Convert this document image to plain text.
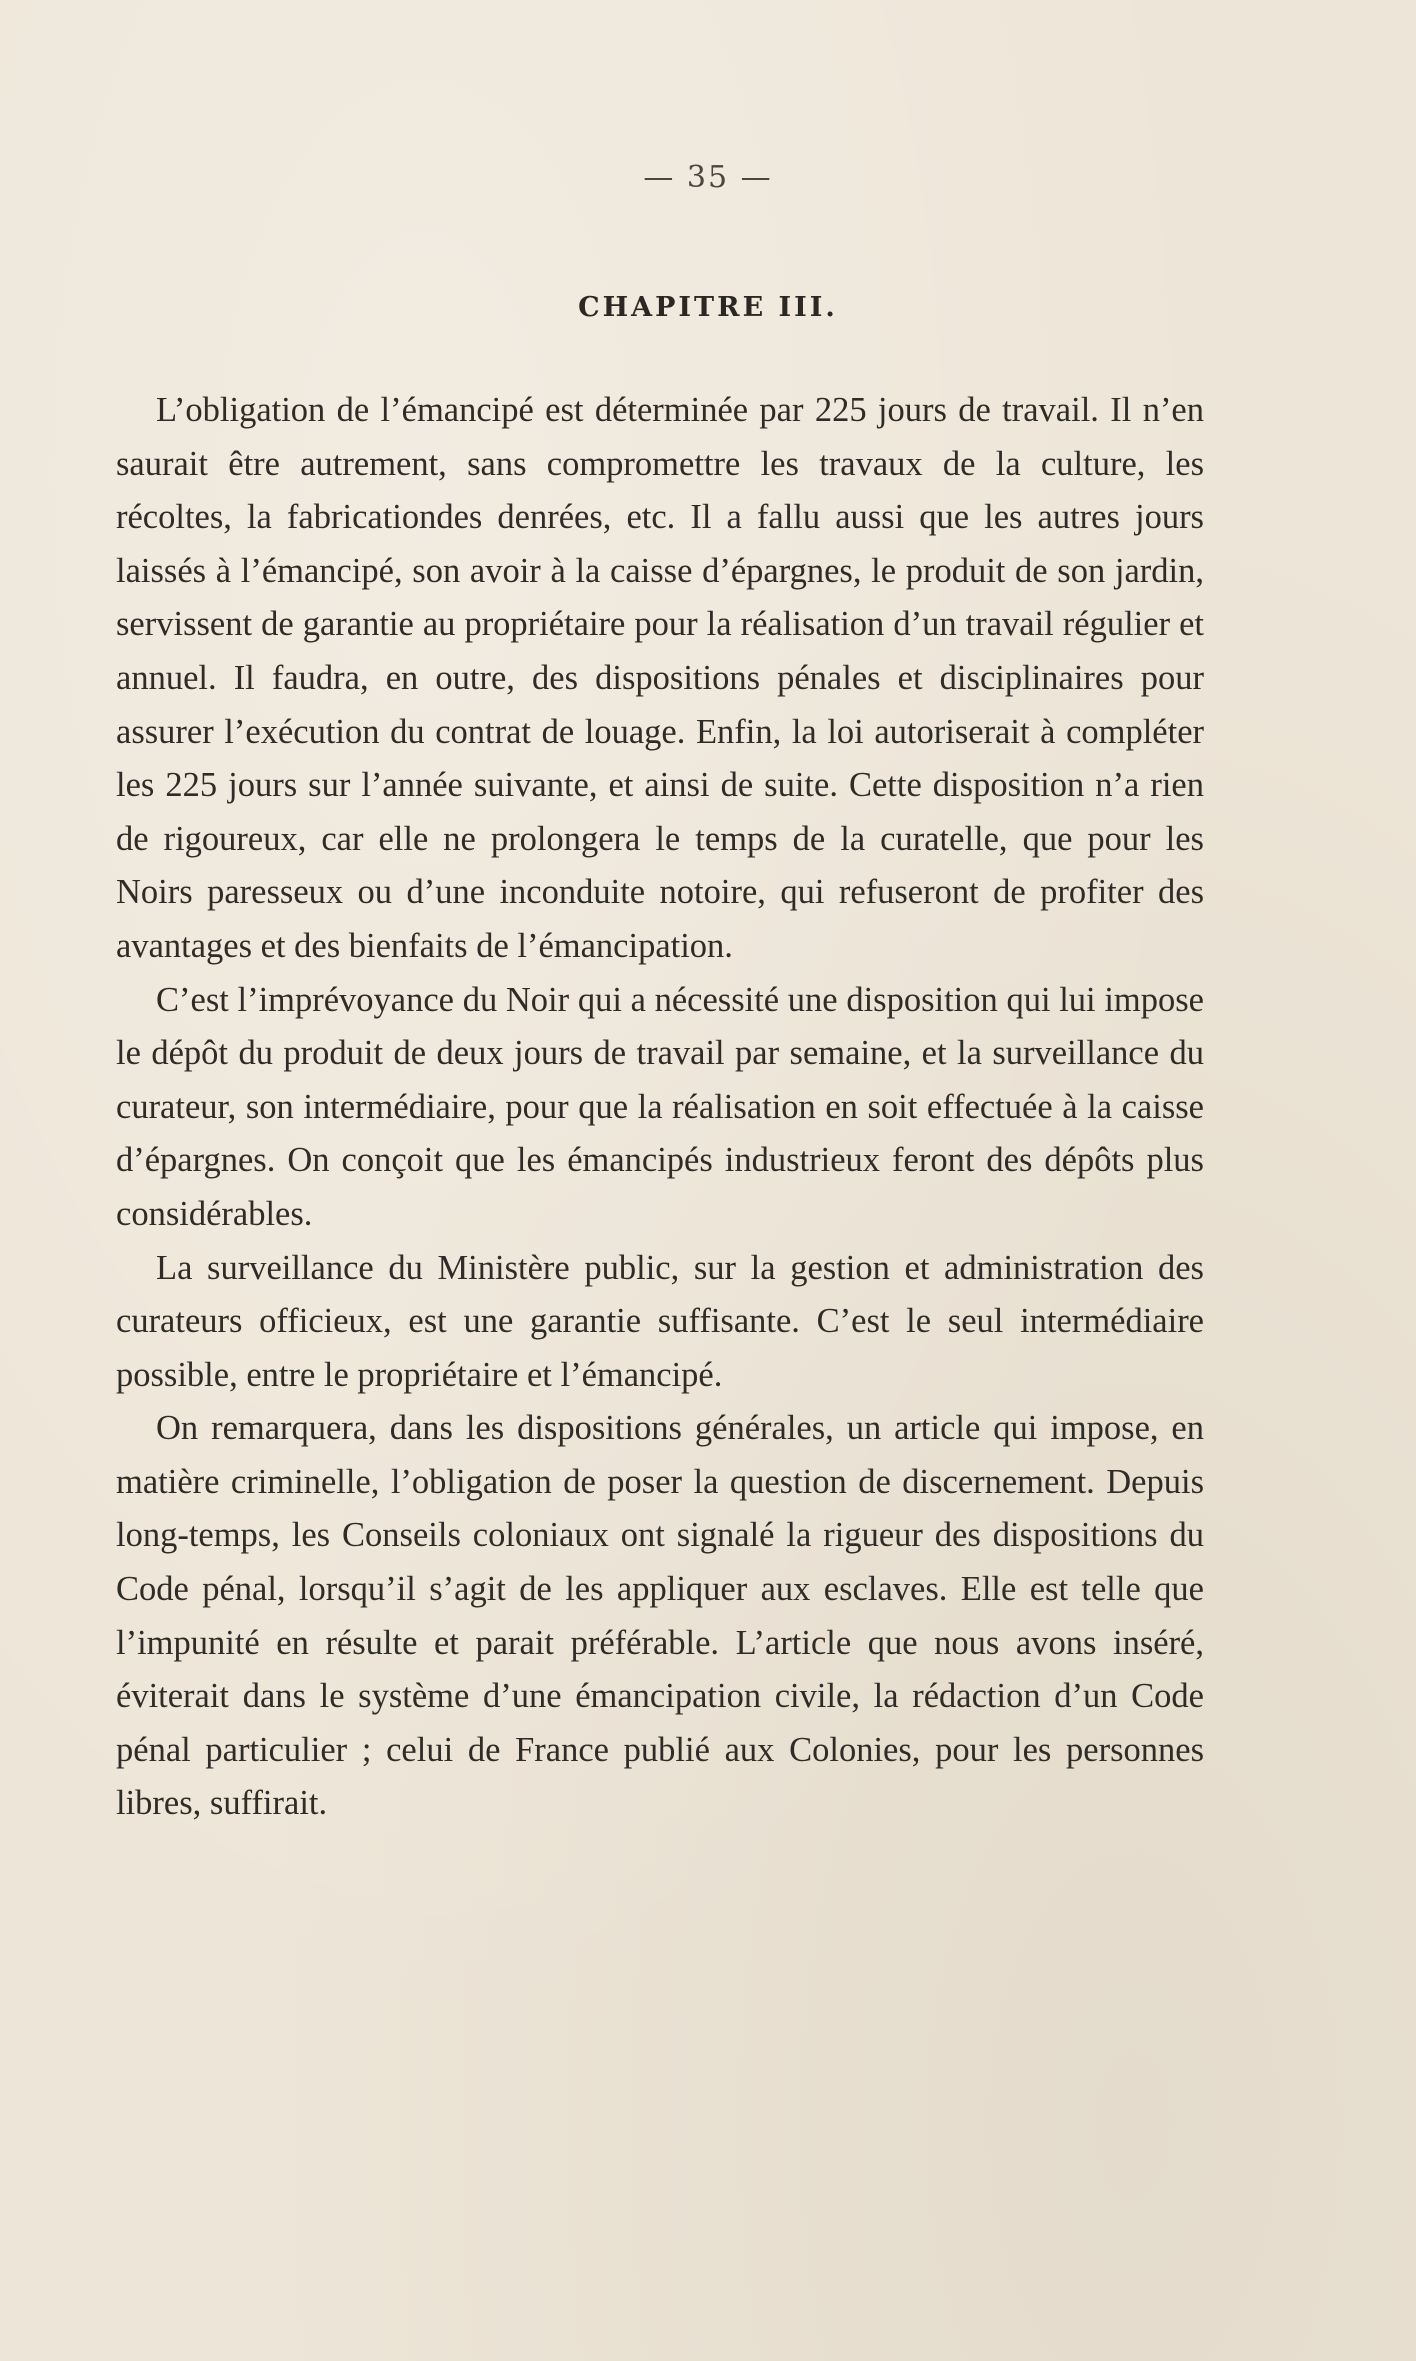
— 35 —
CHAPITRE III.

L’obligation de l’émancipé est déterminée par 225 jours de travail. Il n’en saurait être autrement, sans compromettre les travaux de la culture, les récoltes, la fabricationdes denrées, etc. Il a fallu aussi que les autres jours laissés à l’émancipé, son avoir à la caisse d’épargnes, le produit de son jardin, servissent de garantie au propriétaire pour la réalisation d’un travail régulier et annuel. Il faudra, en outre, des dispositions pénales et disciplinaires pour assurer l’exécution du contrat de louage. Enfin, la loi autoriserait à compléter les 225 jours sur l’année suivante, et ainsi de suite. Cette disposition n’a rien de rigoureux, car elle ne prolongera le temps de la curatelle, que pour les Noirs paresseux ou d’une inconduite notoire, qui refuseront de profiter des avantages et des bienfaits de l’émancipation.

C’est l’imprévoyance du Noir qui a nécessité une disposition qui lui impose le dépôt du produit de deux jours de travail par semaine, et la surveillance du curateur, son intermédiaire, pour que la réalisation en soit effectuée à la caisse d’épargnes. On conçoit que les émancipés industrieux feront des dépôts plus considérables.

La surveillance du Ministère public, sur la gestion et administration des curateurs officieux, est une garantie suffisante. C’est le seul intermédiaire possible, entre le propriétaire et l’émancipé.

On remarquera, dans les dispositions générales, un article qui impose, en matière criminelle, l’obligation de poser la question de discernement. Depuis long-temps, les Conseils coloniaux ont signalé la rigueur des dispositions du Code pénal, lorsqu’il s’agit de les appliquer aux esclaves. Elle est telle que l’impunité en résulte et parait préférable. L’article que nous avons inséré, éviterait dans le système d’une émancipation civile, la rédaction d’un Code pénal particulier ; celui de France publié aux Colonies, pour les personnes libres, suffirait.
